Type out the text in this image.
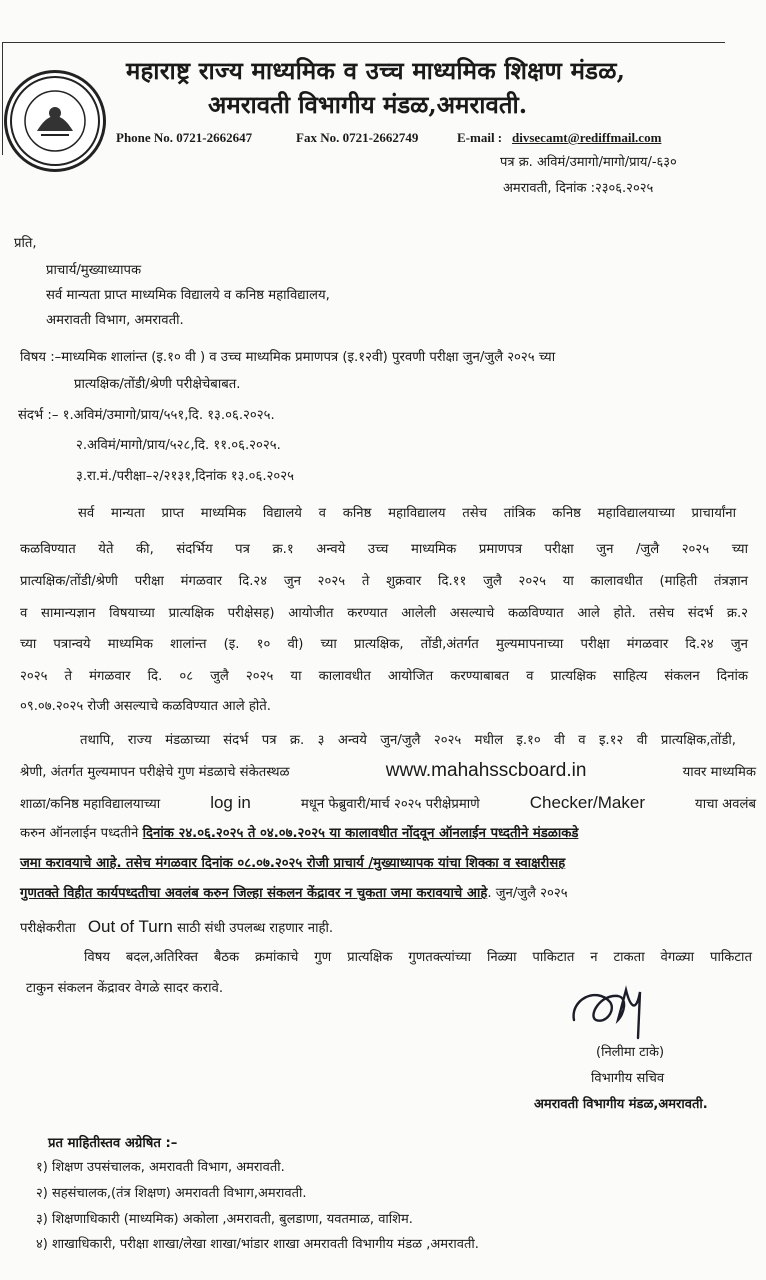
महाराष्ट्र राज्य माध्यमिक व उच्च माध्यमिक शिक्षण मंडळ,
अमरावती विभागीय मंडळ,अमरावती.
Phone No. 0721-2662647	Fax No. 0721-2662749	E-mail : divsecamt@rediffmail.com
पत्र क्र. अविमं/उमागो/मागो/प्राय/-६३०
अमरावती, दिनांक :२३०६.२०२५
प्रति,
प्राचार्य/मुख्याध्यापक
सर्व मान्यता प्राप्त माध्यमिक विद्यालये व कनिष्ठ महाविद्यालय,
अमरावती विभाग, अमरावती.
विषय :–माध्यमिक शालांन्त (इ.१० वी ) व उच्च माध्यमिक प्रमाणपत्र (इ.१२वी) पुरवणी परीक्षा जुन/जुलै २०२५ च्या
प्रात्यक्षिक/तोंडी/श्रेणी परीक्षेचेबाबत.
संदर्भ :– १.अविमं/उमागो/प्राय/५५१,दि. १३.०६.२०२५.
२.अविमं/मागो/प्राय/५२८,दि. ११.०६.२०२५.
३.रा.मं./परीक्षा–२/२१३१,दिनांक १३.०६.२०२५
सर्व मान्यता प्राप्त माध्यमिक विद्यालये व कनिष्ठ महाविद्यालय तसेच तांत्रिक कनिष्ठ महाविद्यालयाच्या प्राचार्यांना
कळविण्यात येते की, संदर्भिय पत्र क्र.१ अन्वये उच्च माध्यमिक प्रमाणपत्र परीक्षा जुन /जुलै २०२५ च्या
प्रात्यक्षिक/तोंडी/श्रेणी परीक्षा मंगळवार दि.२४ जुन २०२५ ते शुक्रवार दि.११ जुलै २०२५ या कालावधीत (माहिती तंत्रज्ञान
व सामान्यज्ञान विषयाच्या प्रात्यक्षिक परीक्षेसह) आयोजीत करण्यात आलेली असल्याचे कळविण्यात आले होते. तसेच संदर्भ क्र.२
च्या पत्रान्वये माध्यमिक शालांन्त (इ. १० वी) च्या प्रात्यक्षिक, तोंडी,अंतर्गत मुल्यमापनाच्या परीक्षा मंगळवार दि.२४ जुन
२०२५ ते मंगळवार दि. ०८ जुलै २०२५ या कालावधीत आयोजित करण्याबाबत व प्रात्यक्षिक साहित्य संकलन दिनांक
०९.०७.२०२५ रोजी असल्याचे कळविण्यात आले होते.
तथापि, राज्य मंडळाच्या संदर्भ पत्र क्र. ३ अन्वये जुन/जुलै २०२५ मधील इ.१० वी व इ.१२ वी प्रात्यक्षिक,तोंडी,
श्रेणी, अंतर्गत मुल्यमापन परीक्षेचे गुण मंडळाचे संकेतस्थळ	www.mahahsscboard.in	यावर माध्यमिक
शाळा/कनिष्ठ महाविद्यालयाच्या	log in	मधून फेब्रुवारी/मार्च २०२५ परीक्षेप्रमाणे	Checker/Maker	याचा अवलंब
करुन ऑनलाईन पध्दतीने दिनांक २४.०६.२०२५ ते ०४.०७.२०२५ या कालावधीत नोंदवून ऑनलाईन पध्दतीने मंडळाकडे
जमा करावयाचे आहे. तसेच मंगळवार दिनांक ०८.०७.२०२५ रोजी प्राचार्य /मुख्याध्यापक यांचा शिक्का व स्वाक्षरीसह
गुणतक्ते विहीत कार्यपध्दतीचा अवलंब करुन जिल्हा संकलन केंद्रावर न चुकता जमा करावयाचे आहे. जुन/जुलै २०२५
परीक्षेकरीता Out of Turn साठी संधी उपलब्ध राहणार नाही.
विषय बदल,अतिरिक्त बैठक क्रमांकाचे गुण प्रात्यक्षिक गुणतक्त्यांच्या निळ्या पाकिटात न टाकता वेगळ्या पाकिटात
टाकुन संकलन केंद्रावर वेगळे सादर करावे.
(निलीमा टाके)
विभागीय सचिव
अमरावती विभागीय मंडळ,अमरावती.
प्रत माहितीस्तव अग्रेषित :–
१) शिक्षण उपसंचालक, अमरावती विभाग, अमरावती.
२) सहसंचालक,(तंत्र शिक्षण) अमरावती विभाग,अमरावती.
३) शिक्षणाधिकारी (माध्यमिक) अकोला ,अमरावती, बुलडाणा, यवतमाळ, वाशिम.
४) शाखाधिकारी, परीक्षा शाखा/लेखा शाखा/भांडार शाखा अमरावती विभागीय मंडळ ,अमरावती.
